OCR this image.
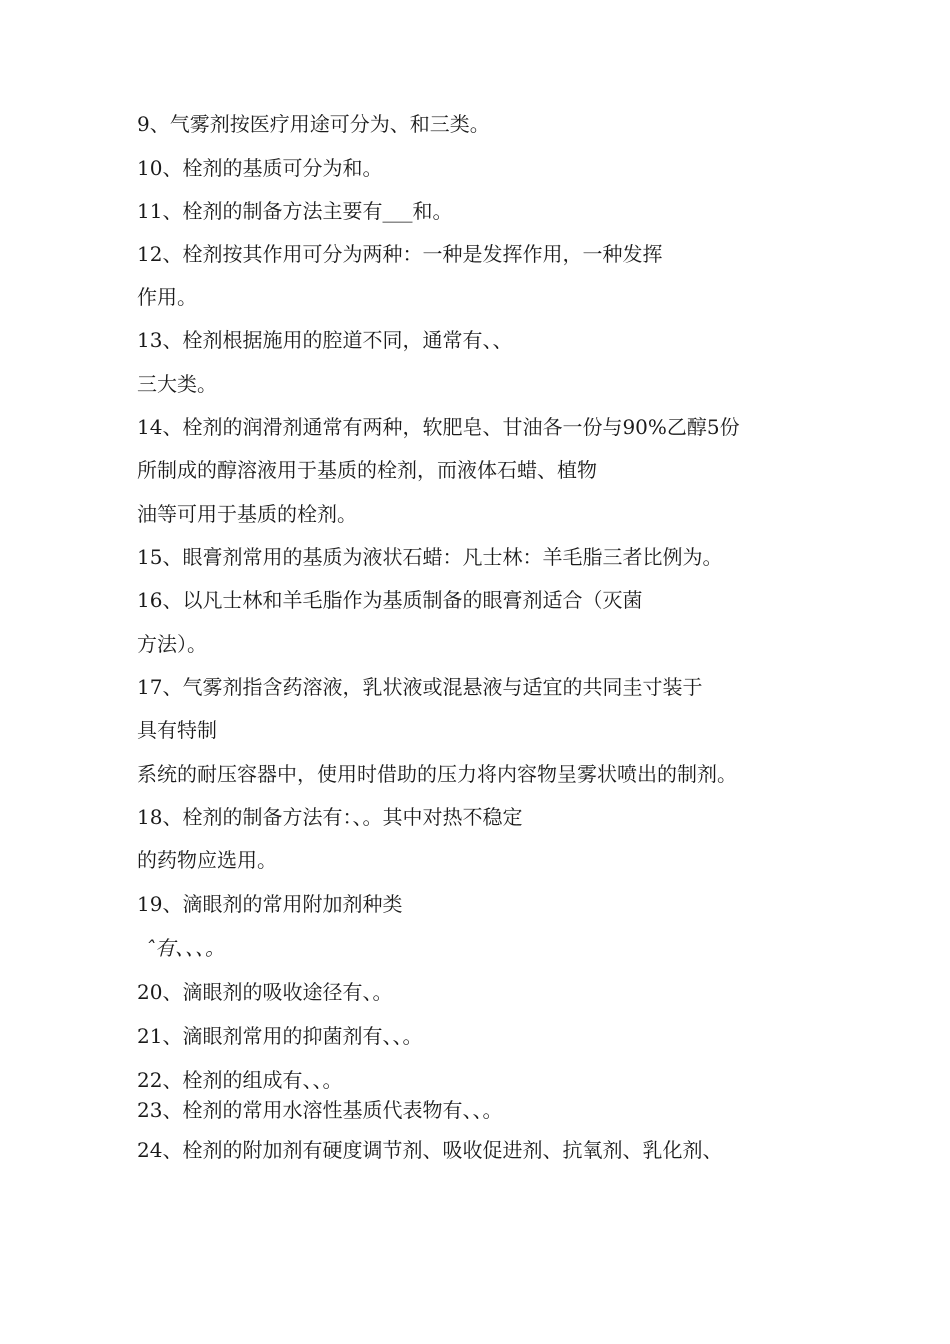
9、气雾剂按医疗用途可分为、和三类。
10、栓剂的基质可分为和。
11、栓剂的制备方法主要有___和。
12、栓剂按其作用可分为两种：一种是发挥作用，一种发挥
作用。
13、栓剂根据施用的腔道不同，通常有、、
三大类。
14、栓剂的润滑剂通常有两种，软肥皂、甘油各一份与90%乙醇5份
所制成的醇溶液用于基质的栓剂，而液体石蜡、植物
油等可用于基质的栓剂。
15、眼膏剂常用的基质为液状石蜡：凡士林：羊毛脂三者比例为。
16、以凡士林和羊毛脂作为基质制备的眼膏剂适合（灭菌
方法）。
17、气雾剂指含药溶液，乳状液或混悬液与适宜的共同圭寸装于
具有特制
系统的耐压容器中，使用时借助的压力将内容物呈雾状喷出的制剂。
18、栓剂的制备方法有：、。其中对热不稳定
的药物应选用。
19、滴眼剂的常用附加剂种类
ˆ有、、、。
20、滴眼剂的吸收途径有、。
21、滴眼剂常用的抑菌剂有、、。
22、栓剂的组成有、、。
23、栓剂的常用水溶性基质代表物有、、。
24、栓剂的附加剂有硬度调节剂、吸收促进剂、抗氧剂、乳化剂、
